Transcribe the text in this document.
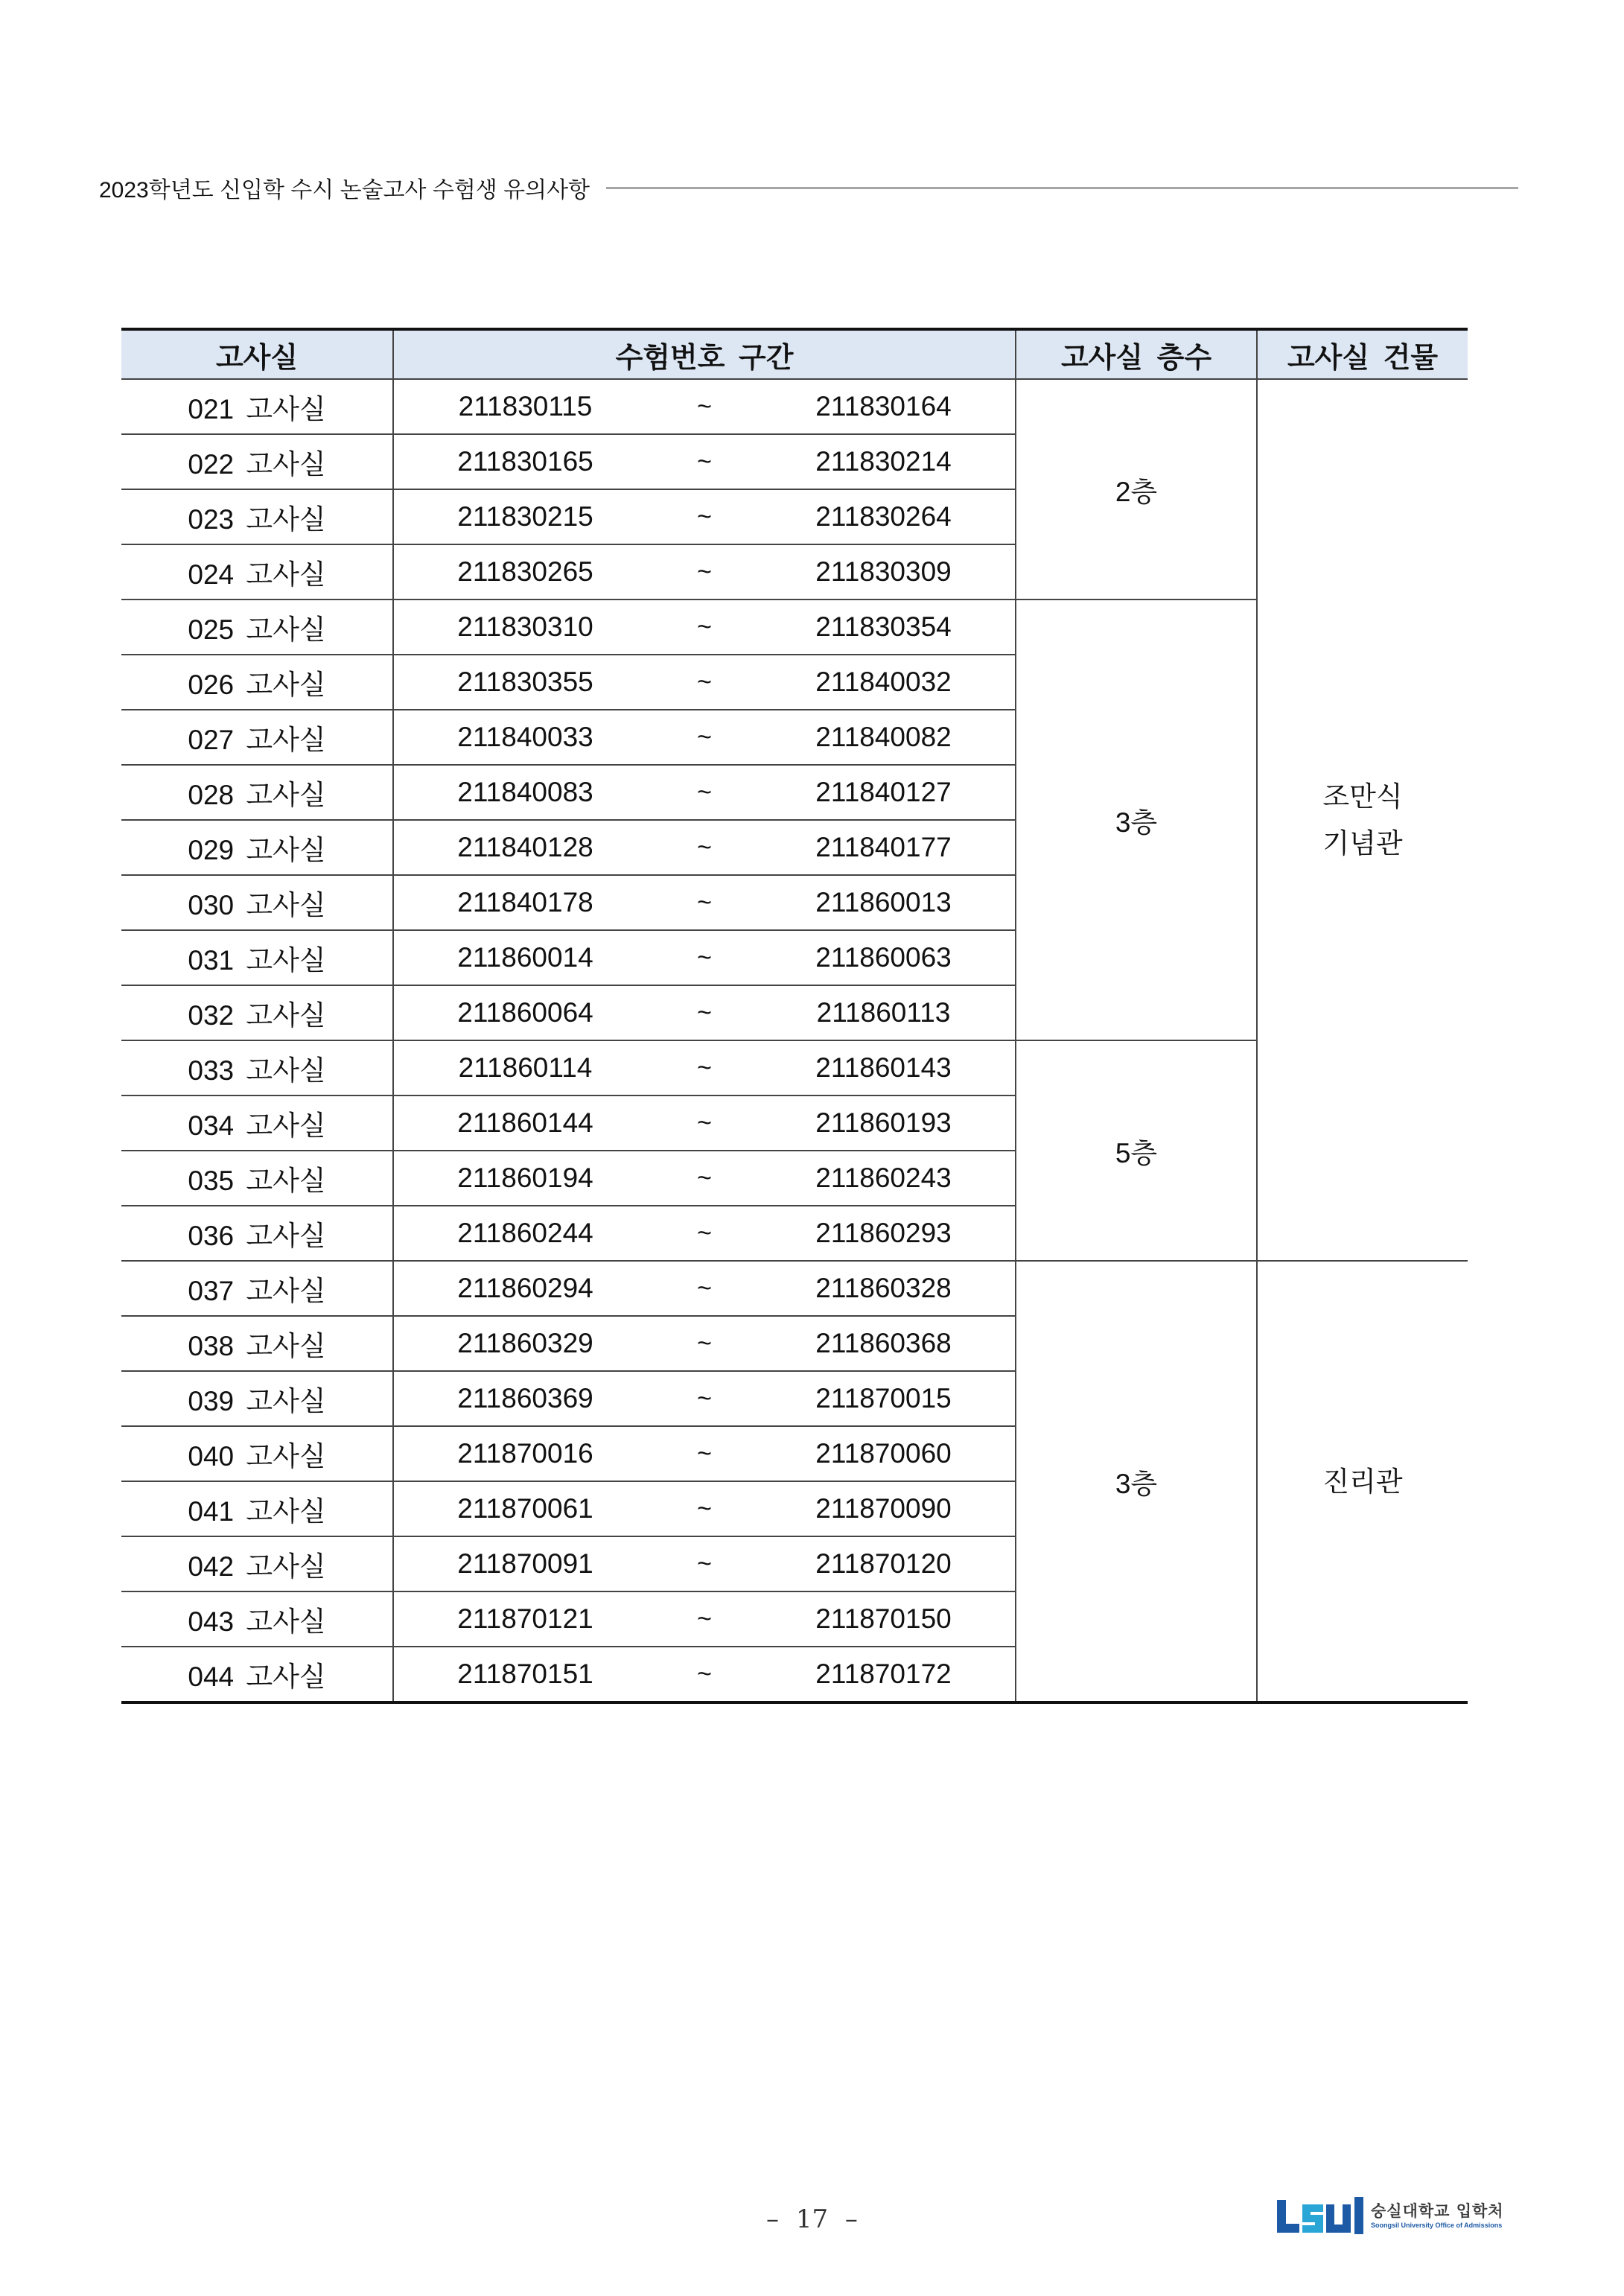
2023학년도 신입학 수시 논술고사 수험생 유의사항
고사실	수험번호 구간			고사실 층수	고사실 건물
021 고사실	211830115	~	211830164	2층	조만식
기념관

022 고사실	211830165	~	211830214		
023 고사실	211830215	~	211830264		
024 고사실	211830265	~	211830309		
025 고사실	211830310	~	211830354	3층	
026 고사실	211830355	~	211840032		
027 고사실	211840033	~	211840082		
028 고사실	211840083	~	211840127		
029 고사실	211840128	~	211840177		
030 고사실	211840178	~	211860013		
031 고사실	211860014	~	211860063		
032 고사실	211860064	~	211860113		
033 고사실	211860114	~	211860143	5층	
034 고사실	211860144	~	211860193		
035 고사실	211860194	~	211860243		
036 고사실	211860244	~	211860293		
037 고사실	211860294	~	211860328	3층	진리관

038 고사실	211860329	~	211860368		
039 고사실	211860369	~	211870015		
040 고사실	211870016	~	211870060		
041 고사실	211870061	~	211870090		
042 고사실	211870091	~	211870120		
043 고사실	211870121	~	211870150		
044 고사실	211870151	~	211870172		
– 17 –	숭실대학교 입학처
Soongsil University Office of Admissions
